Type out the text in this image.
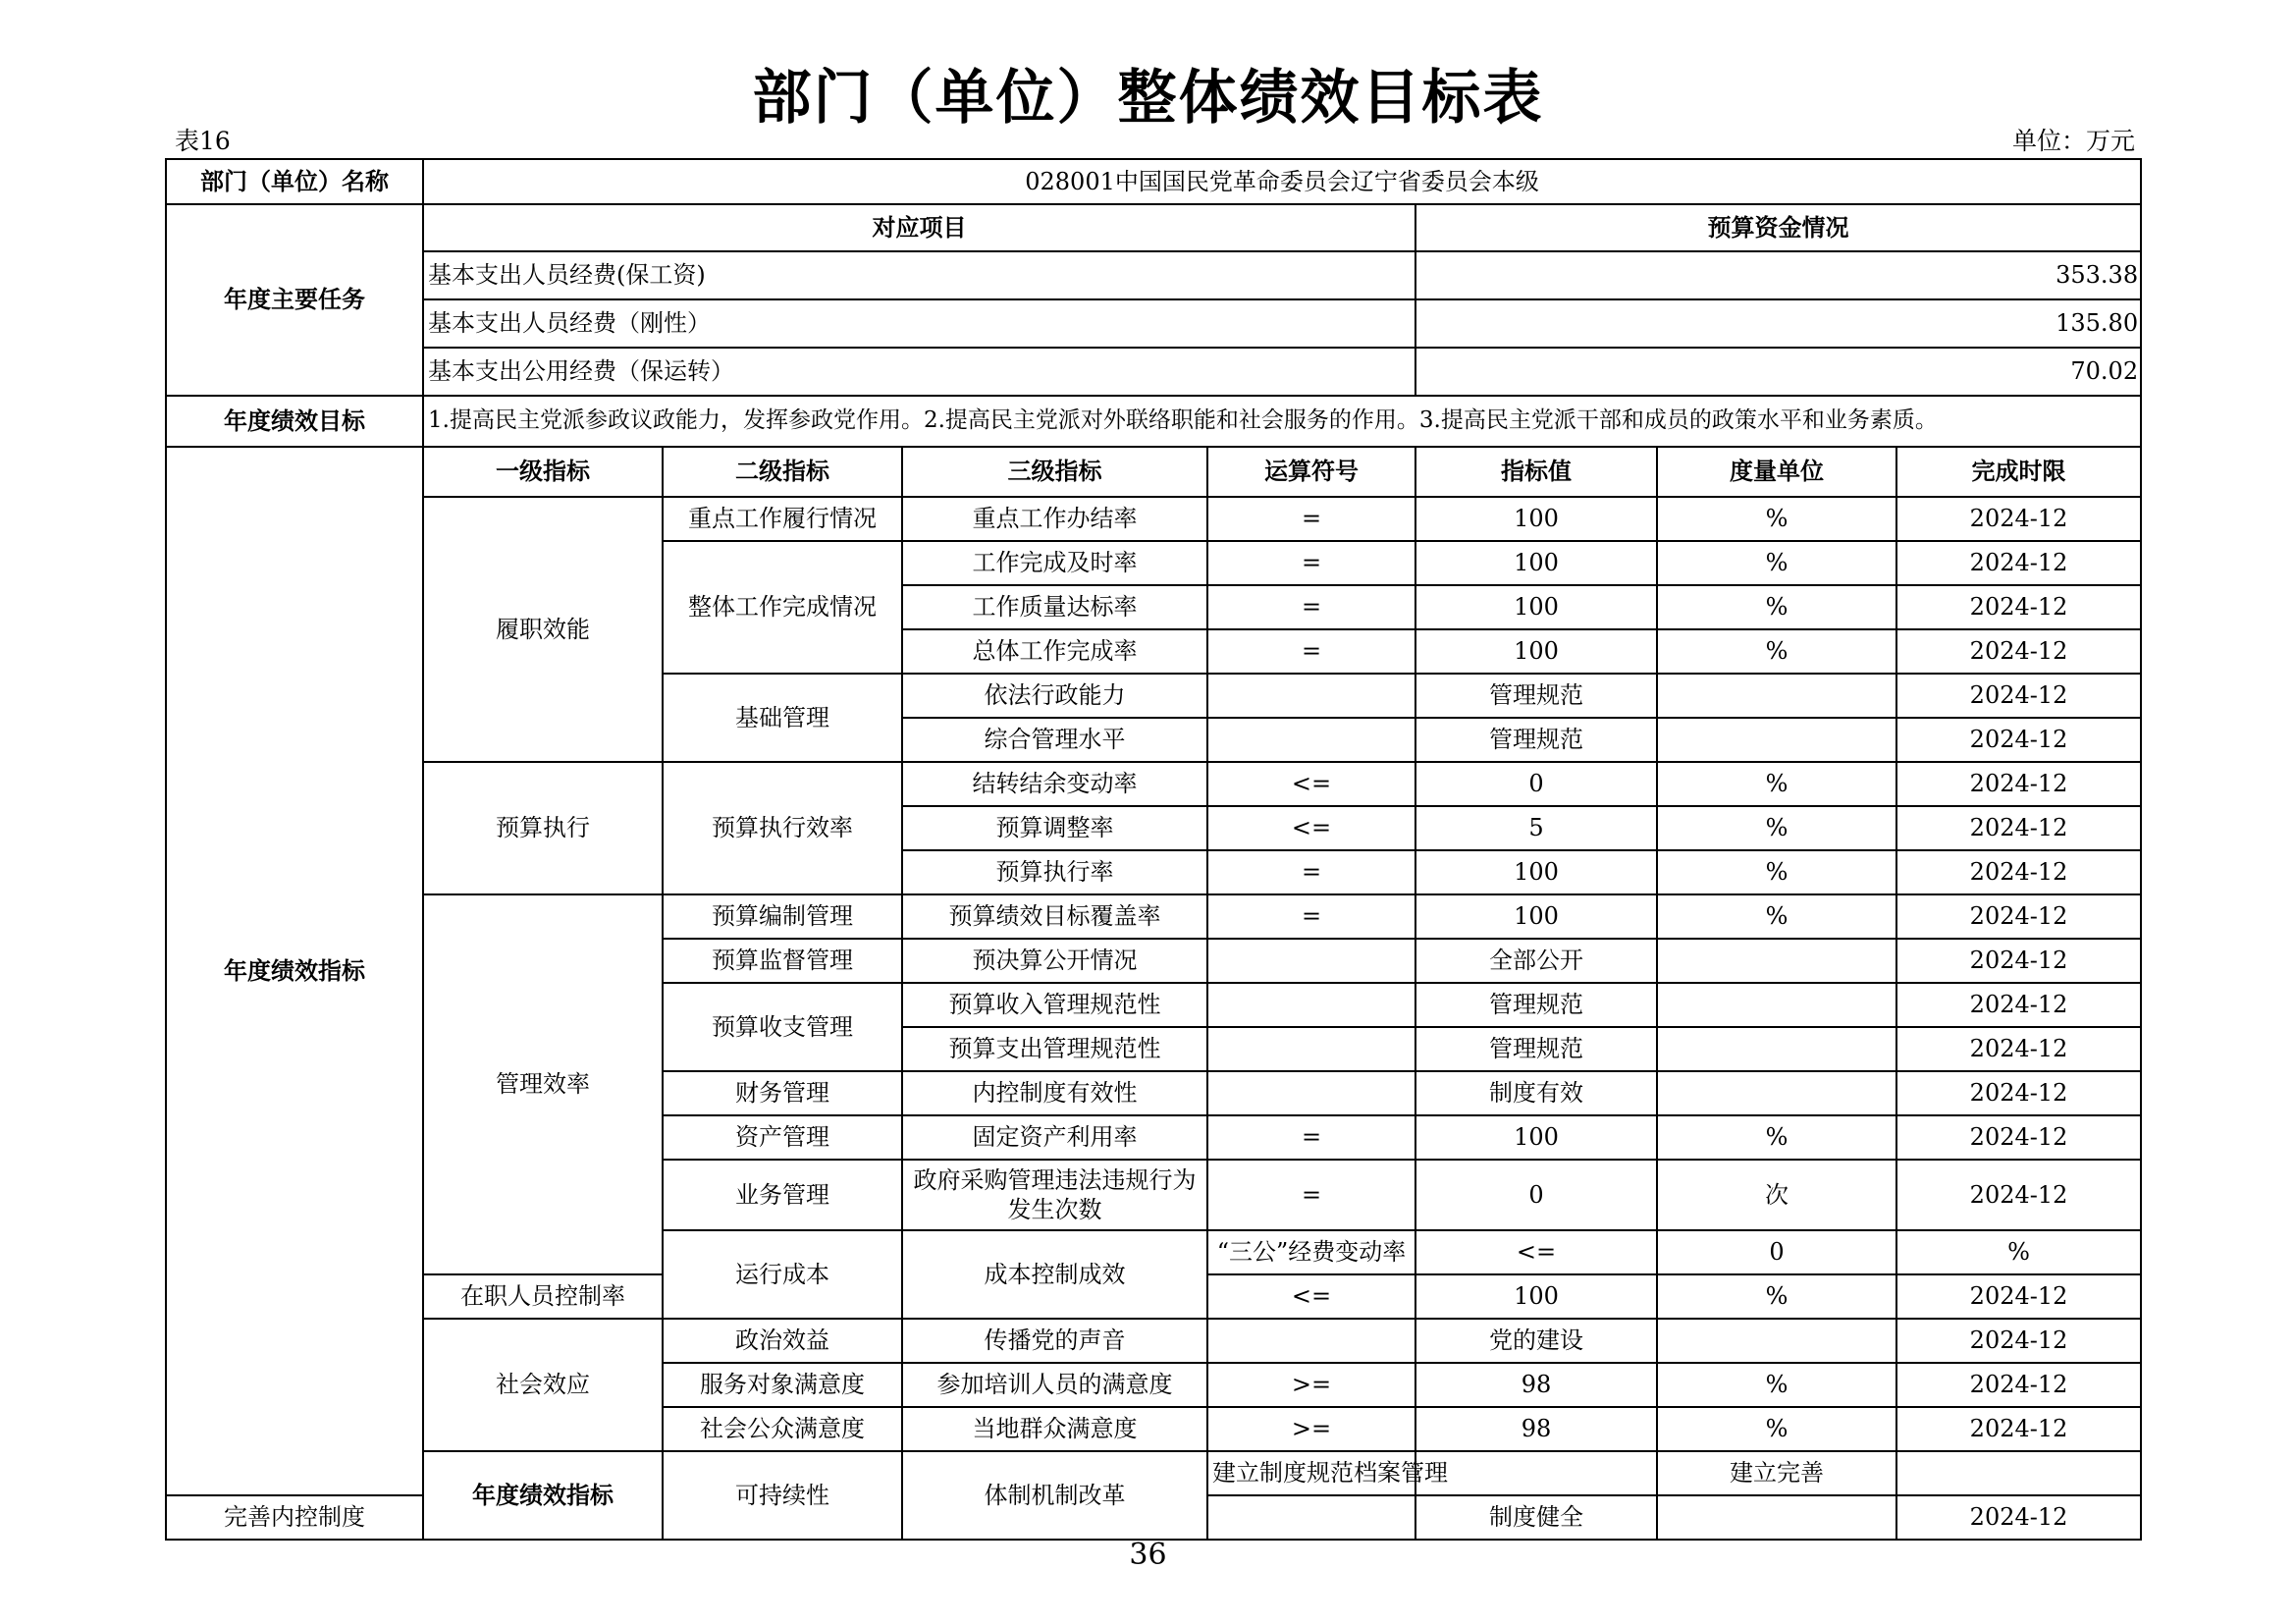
部门（单位）整体绩效目标表
表16	单位：万元
部门（单位）名称	028001中国国民党革命委员会辽宁省委员会本级							
年度主要任务	对应项目				预算资金情况			
	基本支出人员经费(保工资)				353.38			
	基本支出人员经费（刚性）				135.80			
	基本支出公用经费（保运转）				70.02			
年度绩效目标	1.提高民主党派参政议政能力，发挥参政党作用。2.提高民主党派对外联络职能和社会服务的作用。3.提高民主党派干部和成员的政策水平和业务素质。							
年度绩效指标	一级指标	二级指标	三级指标	运算符号	指标值	度量单位	完成时限	
	履职效能	重点工作履行情况	重点工作办结率	=	100	%	2024-12	
		整体工作完成情况	工作完成及时率	=	100	%	2024-12	
			工作质量达标率	=	100	%	2024-12	
			总体工作完成率	=	100	%	2024-12	
		基础管理	依法行政能力		管理规范		2024-12	
			综合管理水平		管理规范		2024-12	
	预算执行	预算执行效率	结转结余变动率	<=	0	%	2024-12	
			预算调整率	<=	5	%	2024-12	
			预算执行率	=	100	%	2024-12	
	管理效率	预算编制管理	预算绩效目标覆盖率	=	100	%	2024-12	
		预算监督管理	预决算公开情况		全部公开		2024-12	
		预算收支管理	预算收入管理规范性		管理规范		2024-12	
			预算支出管理规范性		管理规范		2024-12	
		财务管理	内控制度有效性		制度有效		2024-12	
		资产管理	固定资产利用率	=	100	%	2024-12	
		业务管理	政府采购管理违法违规行为发生次数	=	0	次	2024-12	
		运行成本	成本控制成效	“三公”经费变动率	<=	0	%	
	在职人员控制率			<=	100	%	2024-12	
	社会效应	政治效益	传播党的声音		党的建设		2024-12	
		服务对象满意度	参加培训人员的满意度	>=	98	%	2024-12	
		社会公众满意度	当地群众满意度	>=	98	%	2024-12	
	年度绩效指标	可持续性	体制机制改革	建立制度规范档案管理		建立完善		
完善内控制度					制度健全		2024-12	
36
